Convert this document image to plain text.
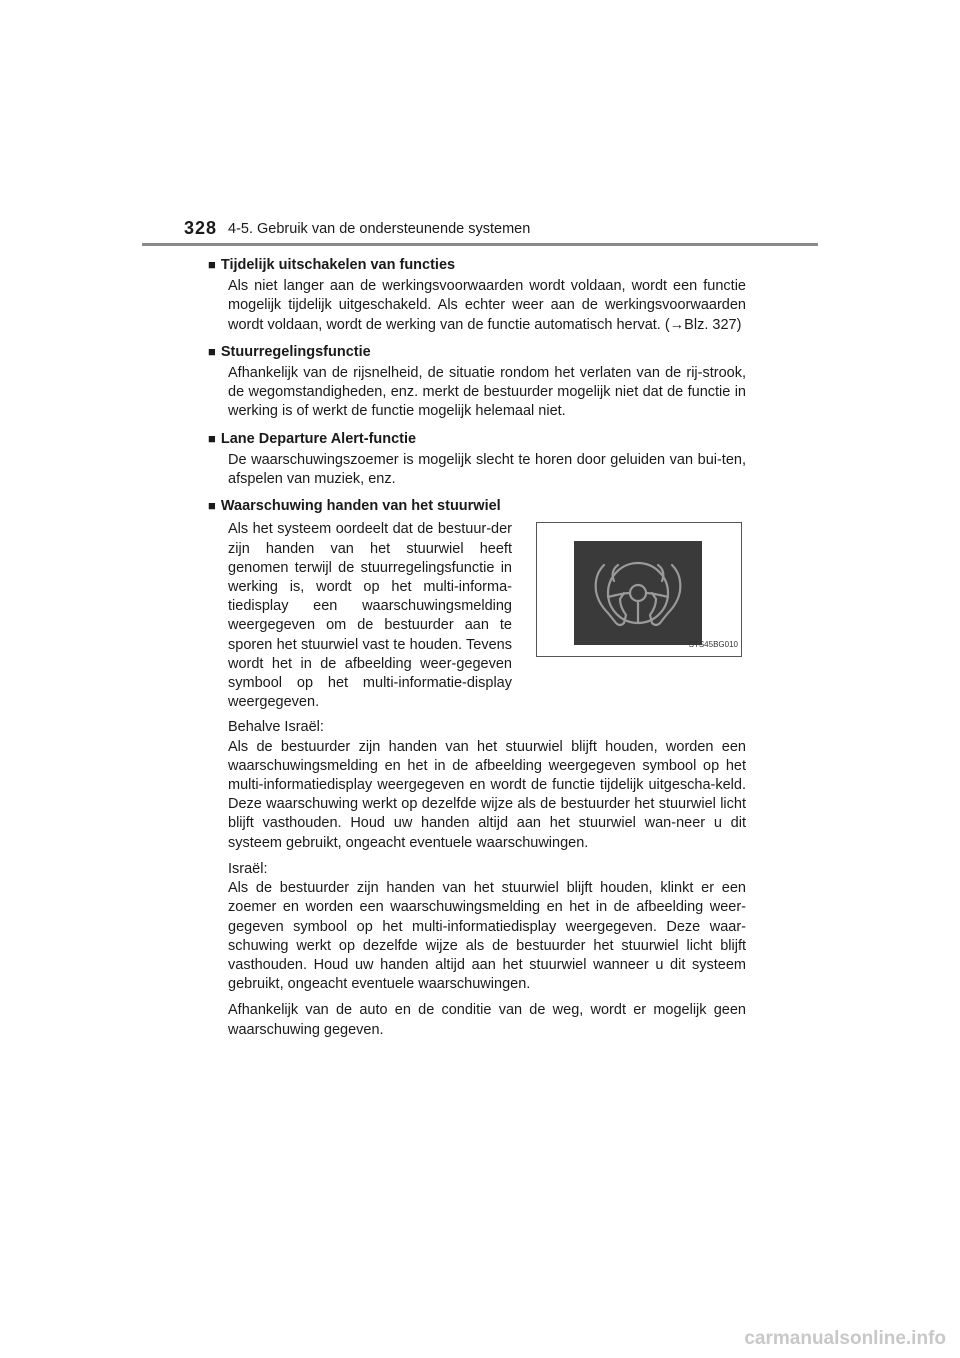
328 4-5. Gebruik van de ondersteunende systemen
■ Tijdelijk uitschakelen van functies
Als niet langer aan de werkingsvoorwaarden wordt voldaan, wordt een functie mogelijk tijdelijk uitgeschakeld. Als echter weer aan de werkingsvoorwaarden wordt voldaan, wordt de werking van de functie automatisch hervat. (→Blz. 327)
■ Stuurregelingsfunctie
Afhankelijk van de rijsnelheid, de situatie rondom het verlaten van de rij-strook, de wegomstandigheden, enz. merkt de bestuurder mogelijk niet dat de functie in werking is of werkt de functie mogelijk helemaal niet.
■ Lane Departure Alert-functie
De waarschuwingszoemer is mogelijk slecht te horen door geluiden van bui-ten, afspelen van muziek, enz.
■ Waarschuwing handen van het stuurwiel
Als het systeem oordeelt dat de bestuur-der zijn handen van het stuurwiel heeft genomen terwijl de stuurregelingsfunctie in werking is, wordt op het multi-informa-tiedisplay een waarschuwingsmelding weergegeven om de bestuurder aan te sporen het stuurwiel vast te houden. Tevens wordt het in de afbeelding weer-gegeven symbool op het multi-informatie-display weergegeven.
STS45BG010

Behalve Israël:

Als de bestuurder zijn handen van het stuurwiel blijft houden, worden een waarschuwingsmelding en het in de afbeelding weergegeven symbool op het multi-informatiedisplay weergegeven en wordt de functie tijdelijk uitgescha-keld. Deze waarschuwing werkt op dezelfde wijze als de bestuurder het stuurwiel licht blijft vasthouden. Houd uw handen altijd aan het stuurwiel wan-neer u dit systeem gebruikt, ongeacht eventuele waarschuwingen.

Israël:

Als de bestuurder zijn handen van het stuurwiel blijft houden, klinkt er een zoemer en worden een waarschuwingsmelding en het in de afbeelding weer-gegeven symbool op het multi-informatiedisplay weergegeven. Deze waar-schuwing werkt op dezelfde wijze als de bestuurder het stuurwiel licht blijft vasthouden. Houd uw handen altijd aan het stuurwiel wanneer u dit systeem gebruikt, ongeacht eventuele waarschuwingen.

Afhankelijk van de auto en de conditie van de weg, wordt er mogelijk geen waarschuwing gegeven.
carmanualsonline.info
